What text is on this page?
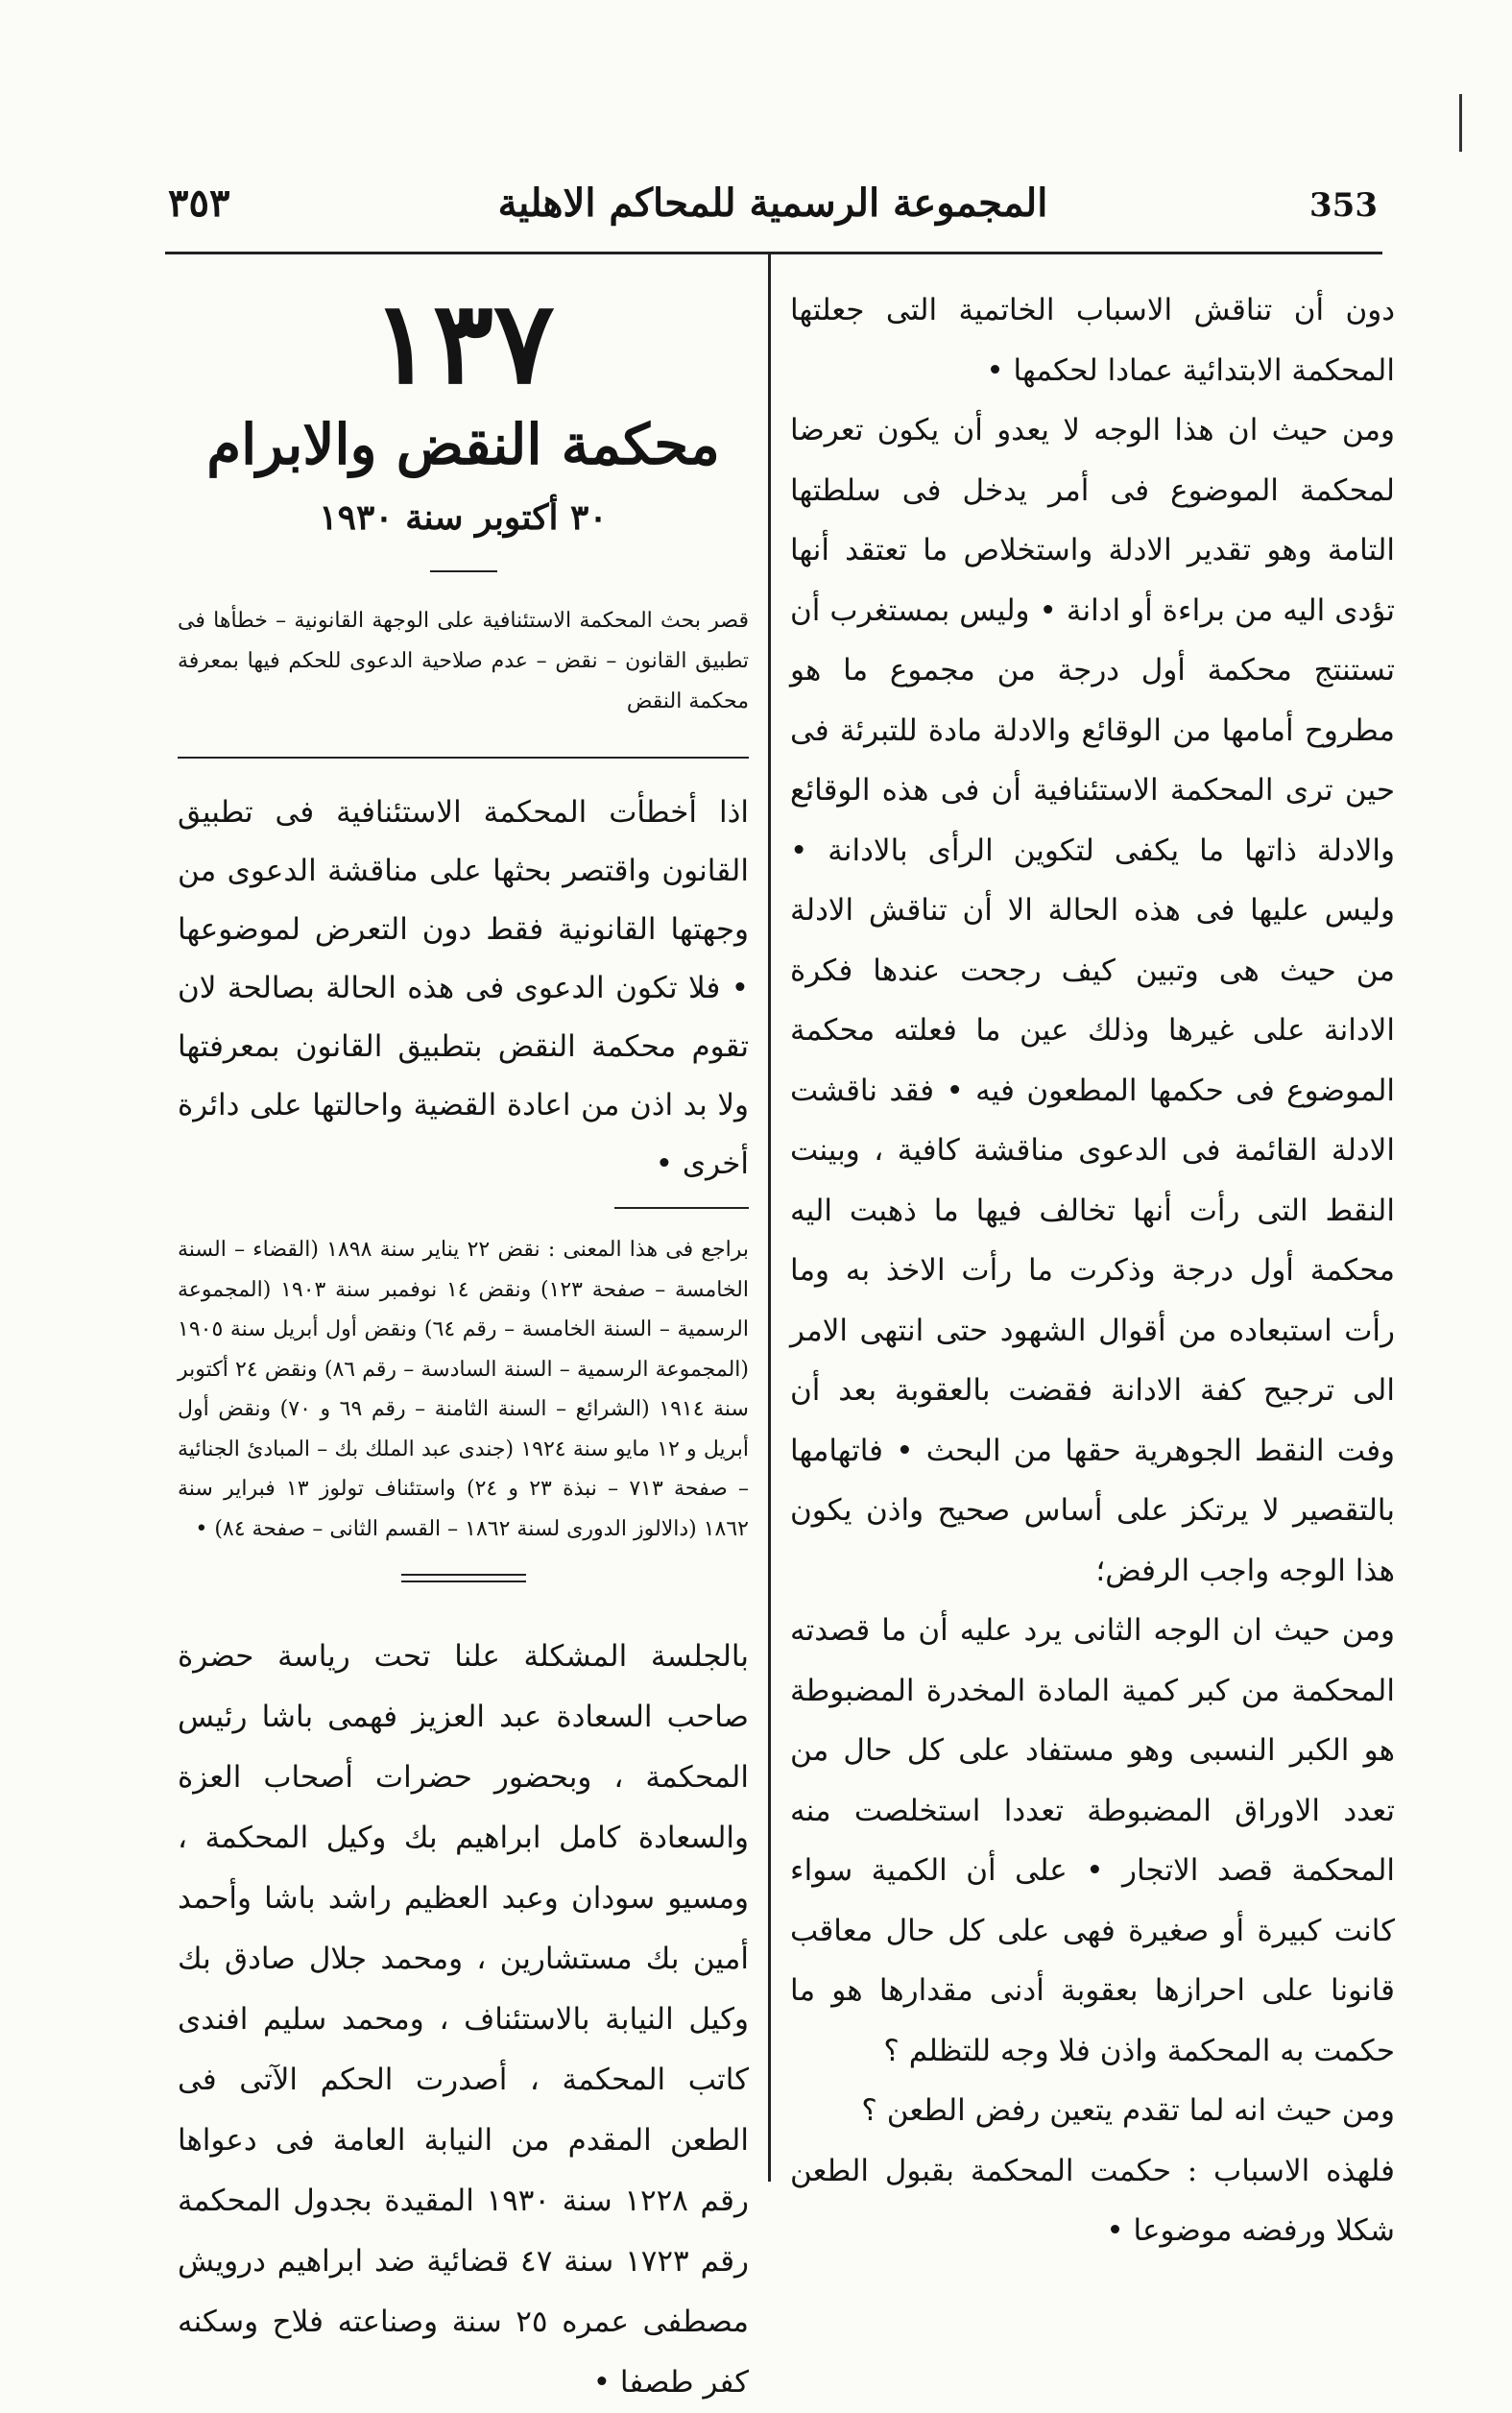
353
المجموعة الرسمية للمحاكم الاهلية
٣٥٣

دون أن تناقش الاسباب الخاتمية التى جعلتها المحكمة الابتدائية عمادا لحكمها •

ومن حيث ان هذا الوجه لا يعدو أن يكون تعرضا لمحكمة الموضوع فى أمر يدخل فى سلطتها التامة وهو تقدير الادلة واستخلاص ما تعتقد أنها تؤدى اليه من براءة أو ادانة • وليس بمستغرب أن تستنتج محكمة أول درجة من مجموع ما هو مطروح أمامها من الوقائع والادلة مادة للتبرئة فى حين ترى المحكمة الاستئنافية أن فى هذه الوقائع والادلة ذاتها ما يكفى لتكوين الرأى بالادانة • وليس عليها فى هذه الحالة الا أن تناقش الادلة من حيث هى وتبين كيف رجحت عندها فكرة الادانة على غيرها وذلك عين ما فعلته محكمة الموضوع فى حكمها المطعون فيه • فقد ناقشت الادلة القائمة فى الدعوى مناقشة كافية ، وبينت النقط التى رأت أنها تخالف فيها ما ذهبت اليه محكمة أول درجة وذكرت ما رأت الاخذ به وما رأت استبعاده من أقوال الشهود حتى انتهى الامر الى ترجيح كفة الادانة فقضت بالعقوبة بعد أن وفت النقط الجوهرية حقها من البحث • فاتهامها بالتقصير لا يرتكز على أساس صحيح واذن يكون هذا الوجه واجب الرفض؛

ومن حيث ان الوجه الثانى يرد عليه أن ما قصدته المحكمة من كبر كمية المادة المخدرة المضبوطة هو الكبر النسبى وهو مستفاد على كل حال من تعدد الاوراق المضبوطة تعددا استخلصت منه المحكمة قصد الاتجار • على أن الكمية سواء كانت كبيرة أو صغيرة فهى على كل حال معاقب قانونا على احرازها بعقوبة أدنى مقدارها هو ما حكمت به المحكمة واذن فلا وجه للتظلم ؟

ومن حيث انه لما تقدم يتعين رفض الطعن ؟

فلهذه الاسباب : حكمت المحكمة بقبول الطعن شكلا ورفضه موضوعا •

١٣٧
محكمة النقض والابرام
٣٠ أكتوبر سنة ١٩٣٠

قصر بحث المحكمة الاستئنافية على الوجهة القانونية – خطأها فى تطبيق القانون – نقض – عدم صلاحية الدعوى للحكم فيها بمعرفة محكمة النقض

اذا أخطأت المحكمة الاستئنافية فى تطبيق القانون واقتصر بحثها على مناقشة الدعوى من وجهتها القانونية فقط دون التعرض لموضوعها • فلا تكون الدعوى فى هذه الحالة بصالحة لان تقوم محكمة النقض بتطبيق القانون بمعرفتها ولا بد اذن من اعادة القضية واحالتها على دائرة أخرى •

براجع فى هذا المعنى : نقض ٢٢ يناير سنة ١٨٩٨ (القضاء – السنة الخامسة – صفحة ١٢٣) ونقض ١٤ نوفمبر سنة ١٩٠٣ (المجموعة الرسمية – السنة الخامسة – رقم ٦٤) ونقض أول أبريل سنة ١٩٠٥ (المجموعة الرسمية – السنة السادسة – رقم ٨٦) ونقض ٢٤ أكتوبر سنة ١٩١٤ (الشرائع – السنة الثامنة – رقم ٦٩ و ٧٠) ونقض أول أبريل و ١٢ مايو سنة ١٩٢٤ (جندى عبد الملك بك – المبادئ الجنائية – صفحة ٧١٣ – نبذة ٢٣ و ٢٤) واستئناف تولوز ١٣ فبراير سنة ١٨٦٢ (دالالوز الدورى لسنة ١٨٦٢ – القسم الثانى – صفحة ٨٤) •

بالجلسة المشكلة علنا تحت رياسة حضرة صاحب السعادة عبد العزيز فهمى باشا رئيس المحكمة ، وبحضور حضرات أصحاب العزة والسعادة كامل ابراهيم بك وكيل المحكمة ، ومسيو سودان وعبد العظيم راشد باشا وأحمد أمين بك مستشارين ، ومحمد جلال صادق بك وكيل النيابة بالاستئناف ، ومحمد سليم افندى كاتب المحكمة ، أصدرت الحكم الآتى فى الطعن المقدم من النيابة العامة فى دعواها رقم ١٢٢٨ سنة ١٩٣٠ المقيدة بجدول المحكمة رقم ١٧٢٣ سنة ٤٧ قضائية ضد ابراهيم درويش مصطفى عمره ٢٥ سنة وصناعته فلاح وسكنه كفر طصفا •
